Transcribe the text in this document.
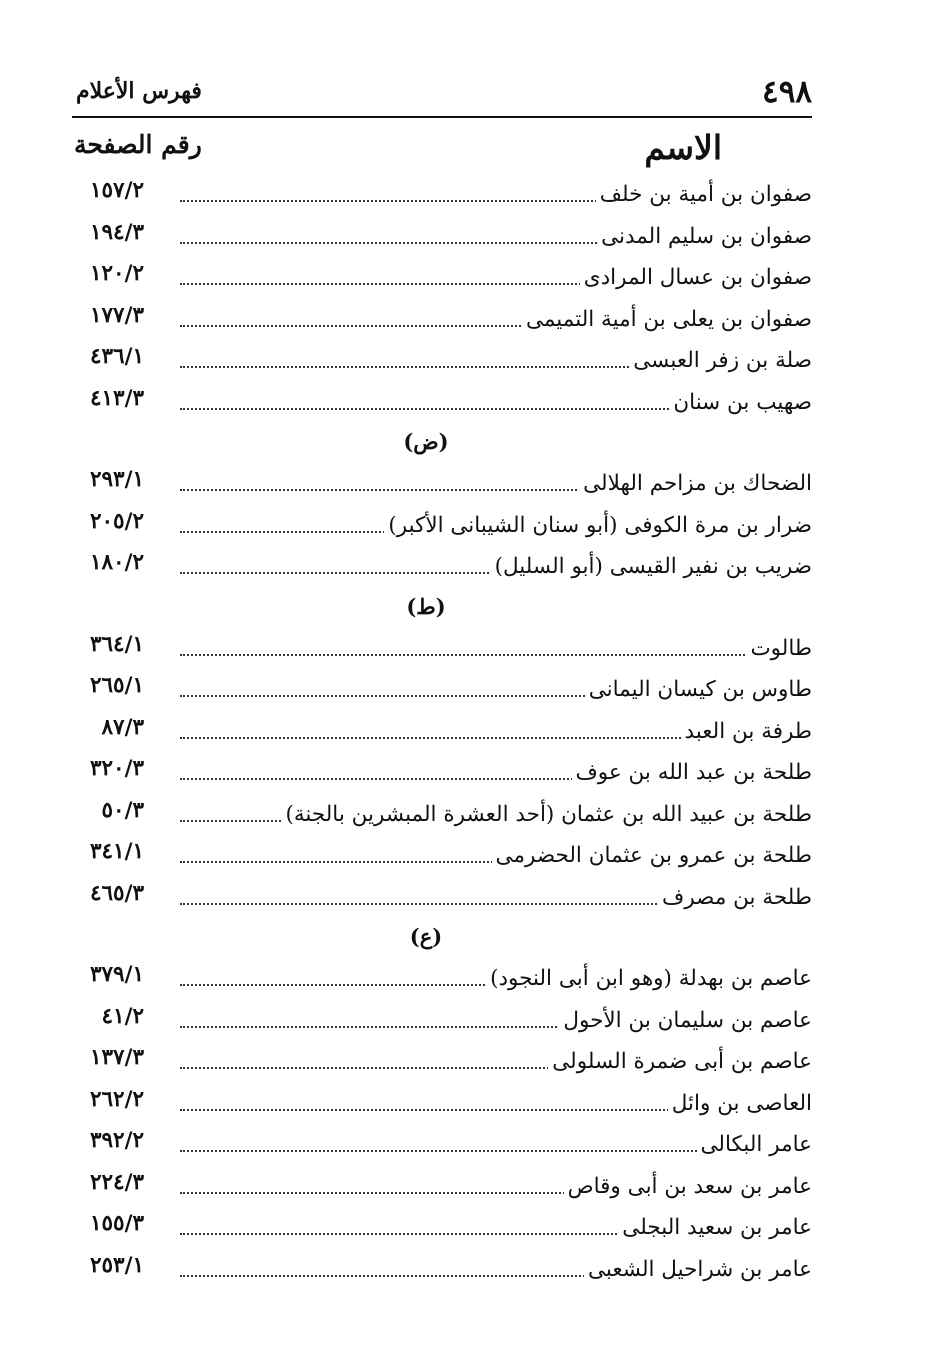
٤٩٨
فهرس الأعلام
الاسم
رقم الصفحة
صفوان بن أمية بن خلف
١٥٧/٢
صفوان بن سليم المدنى
١٩٤/٣
صفوان بن عسال المرادى
١٢٠/٢
صفوان بن يعلى بن أمية التميمى
١٧٧/٣
صلة بن زفر العبسى
٤٣٦/١
صهيب بن سنان
٤١٣/٣
(ض)
الضحاك بن مزاحم الهلالى
٢٩٣/١
ضرار بن مرة الكوفى (أبو سنان الشيبانى الأكبر)
٢٠٥/٢
ضريب بن نفير القيسى (أبو السليل)
١٨٠/٢
(ط)
طالوت
٣٦٤/١
طاوس بن كيسان اليمانى
٢٦٥/١
طرفة بن العبد
٨٧/٣
طلحة بن عبد الله بن عوف
٣٢٠/٣
طلحة بن عبيد الله بن عثمان (أحد العشرة المبشرين بالجنة)
٥٠/٣
طلحة بن عمرو بن عثمان الحضرمى
٣٤١/١
طلحة بن مصرف
٤٦٥/٣
(ع)
عاصم بن بهدلة (وهو ابن أبى النجود)
٣٧٩/١
عاصم بن سليمان بن الأحول
٤١/٢
عاصم بن أبى ضمرة السلولى
١٣٧/٣
العاصى بن وائل
٢٦٢/٢
عامر البكالى
٣٩٢/٢
عامر بن سعد بن أبى وقاص
٢٢٤/٣
عامر بن سعيد البجلى
١٥٥/٣
عامر بن شراحيل الشعبى
٢٥٣/١
